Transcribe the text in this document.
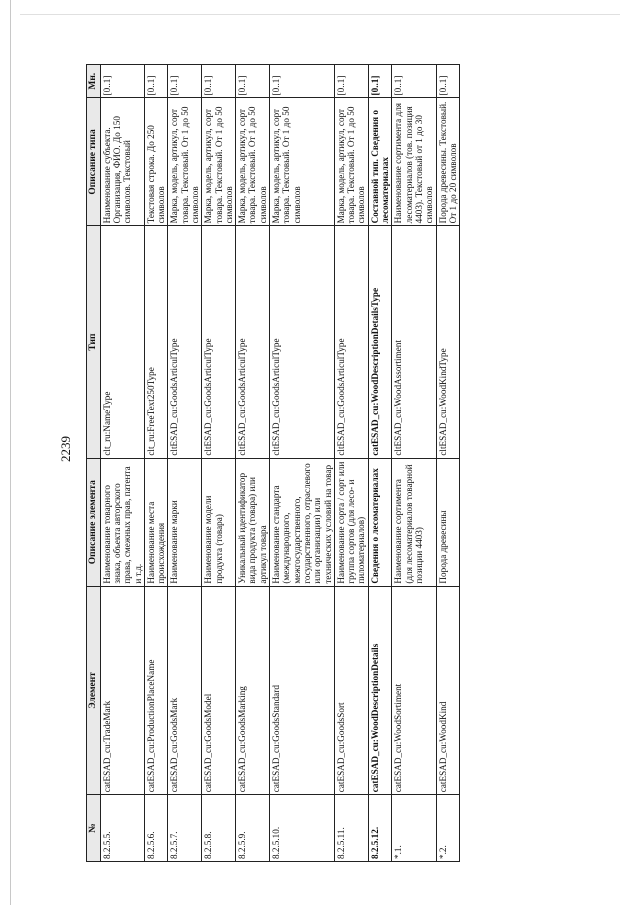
2239
№	Элемент	Описание элемента	Тип	Описание типа	Мн.
8.2.5.5.	catESAD_cu:TradeMark	Наименование товарного знака, объекта авторского права, смежных прав, патента и т.д.	clt_ru:NameType	Наименование субъекта. Организация, ФИО. До 150 символов. Текстовый	[0..1]
8.2.5.6.	catESAD_cu:ProductionPlaceName	Наименование места происхождения	clt_ru:FreeText250Type	Текстовая строка. До 250 символов	[0..1]
8.2.5.7.	catESAD_cu:GoodsMark	Наименование марки	cltESAD_cu:GoodsArticulType	Марка, модель, артикул, сорт товара. Текстовый. От 1 до 50 символов	[0..1]
8.2.5.8.	catESAD_cu:GoodsModel	Наименование модели продукта (товара)	cltESAD_cu:GoodsArticulType	Марка, модель, артикул, сорт товара. Текстовый. От 1 до 50 символов	[0..1]
8.2.5.9.	catESAD_cu:GoodsMarking	Уникальный идентификатор вида продукта (товара) или артикул товара	cltESAD_cu:GoodsArticulType	Марка, модель, артикул, сорт товара. Текстовый. От 1 до 50 символов	[0..1]
8.2.5.10.	catESAD_cu:GoodsStandard	Наименование стандарта (международного, межгосударственного, государственного, отраслевого или организации) или технических условий на товар	cltESAD_cu:GoodsArticulType	Марка, модель, артикул, сорт товара. Текстовый. От 1 до 50 символов	[0..1]
8.2.5.11.	catESAD_cu:GoodsSort	Наименование сорта / сорт или группа сортов (для лесо- и пиломатериалов)	cltESAD_cu:GoodsArticulType	Марка, модель, артикул, сорт товара. Текстовый. От 1 до 50 символов	[0..1]
8.2.5.12.	catESAD_cu:WoodDescriptionDetails	Сведения о лесоматериалах	catESAD_cu:WoodDescriptionDetailsType	Составной тип. Сведения о лесоматериалах	[0..1]
*.1.	catESAD_cu:WoodSortiment	Наименование сортимента (для лесоматериалов товарной позиции 4403)	cltESAD_cu:WoodAssortiment	Наименование сортимента для лесоматериалов (тов. позиция 4403). Текстовый от 1 до 30 символов	[0..1]
*.2.	catESAD_cu:WoodKind	Порода древесины	cltESAD_cu:WoodKindType	Порода древесины. Текстовый. От 1 до 20 символов	[0..1]
